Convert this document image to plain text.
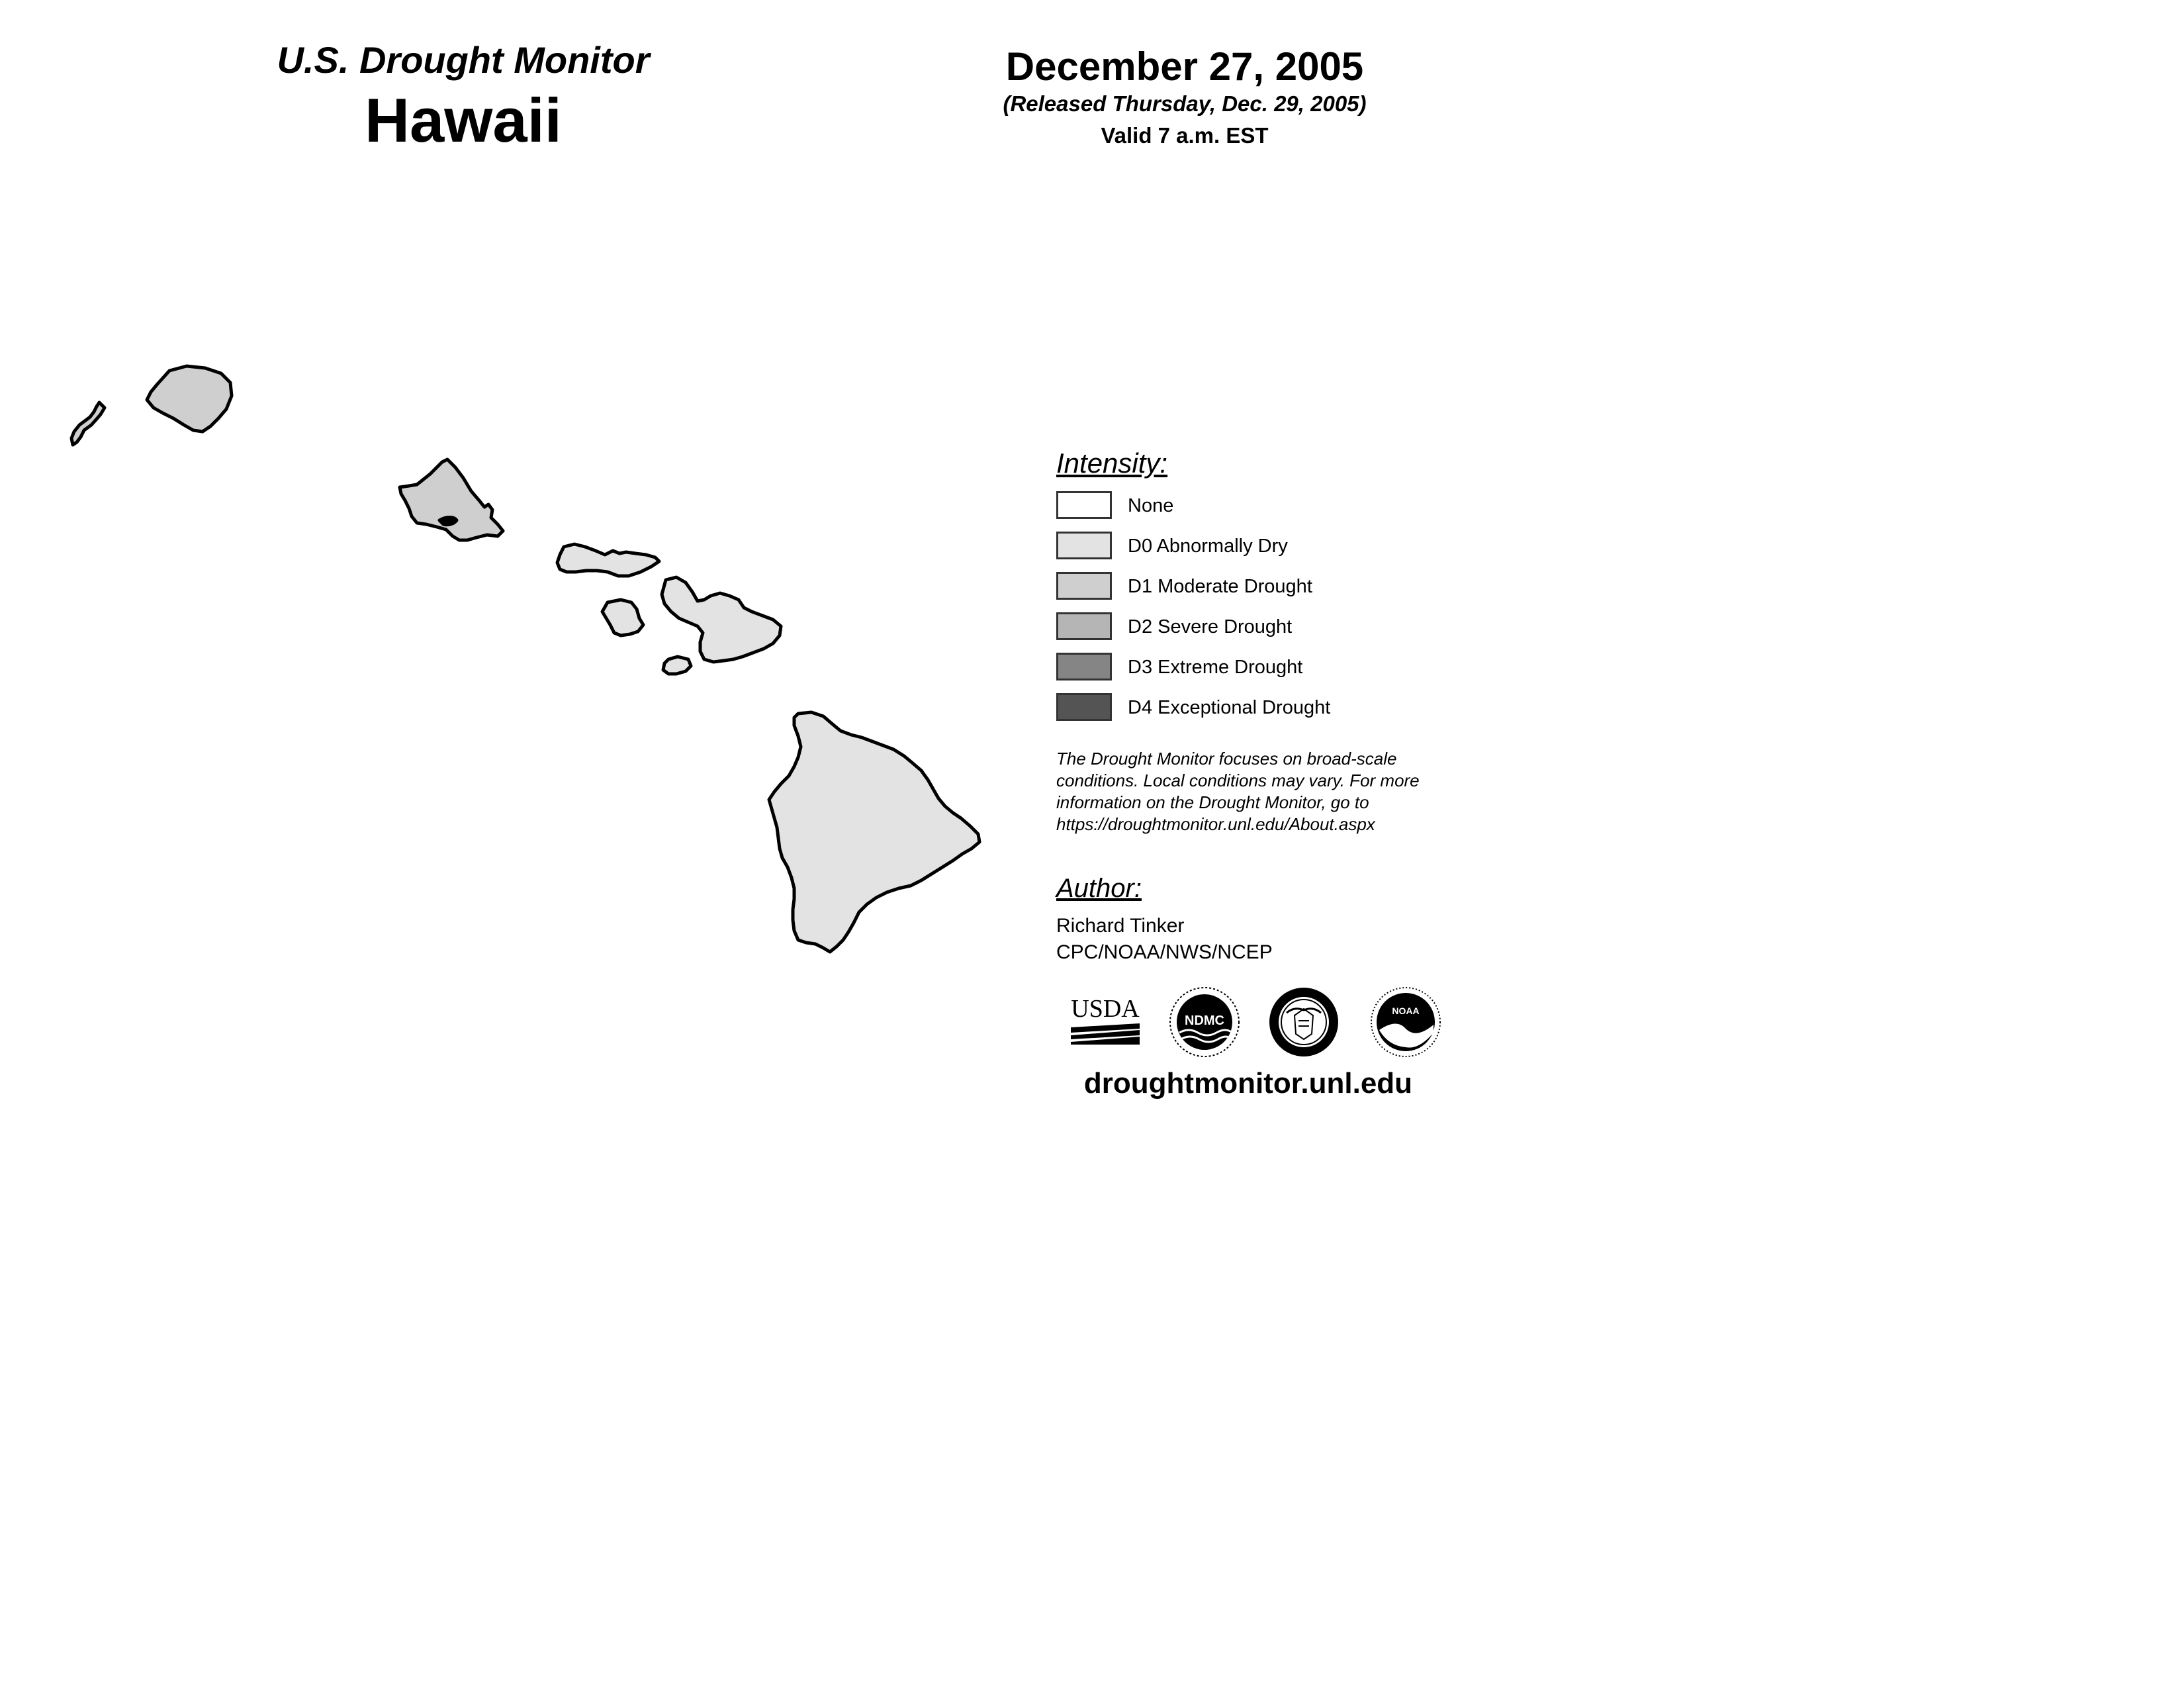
U.S. Drought Monitor
Hawaii
December 27, 2005
(Released Thursday, Dec. 29, 2005)
Valid 7 a.m. EST
Intensity:
None
D0 Abnormally Dry
D1 Moderate Drought
D2 Severe Drought
D3 Extreme Drought
D4 Exceptional Drought
The Drought Monitor focuses on broad-scale
conditions. Local conditions may vary. For more
information on the Drought Monitor, go to
https://droughtmonitor.unl.edu/About.aspx
Author:
Richard Tinker
CPC/NOAA/NWS/NCEP
USDA	NDMC
NOAA
droughtmonitor.unl.edu
